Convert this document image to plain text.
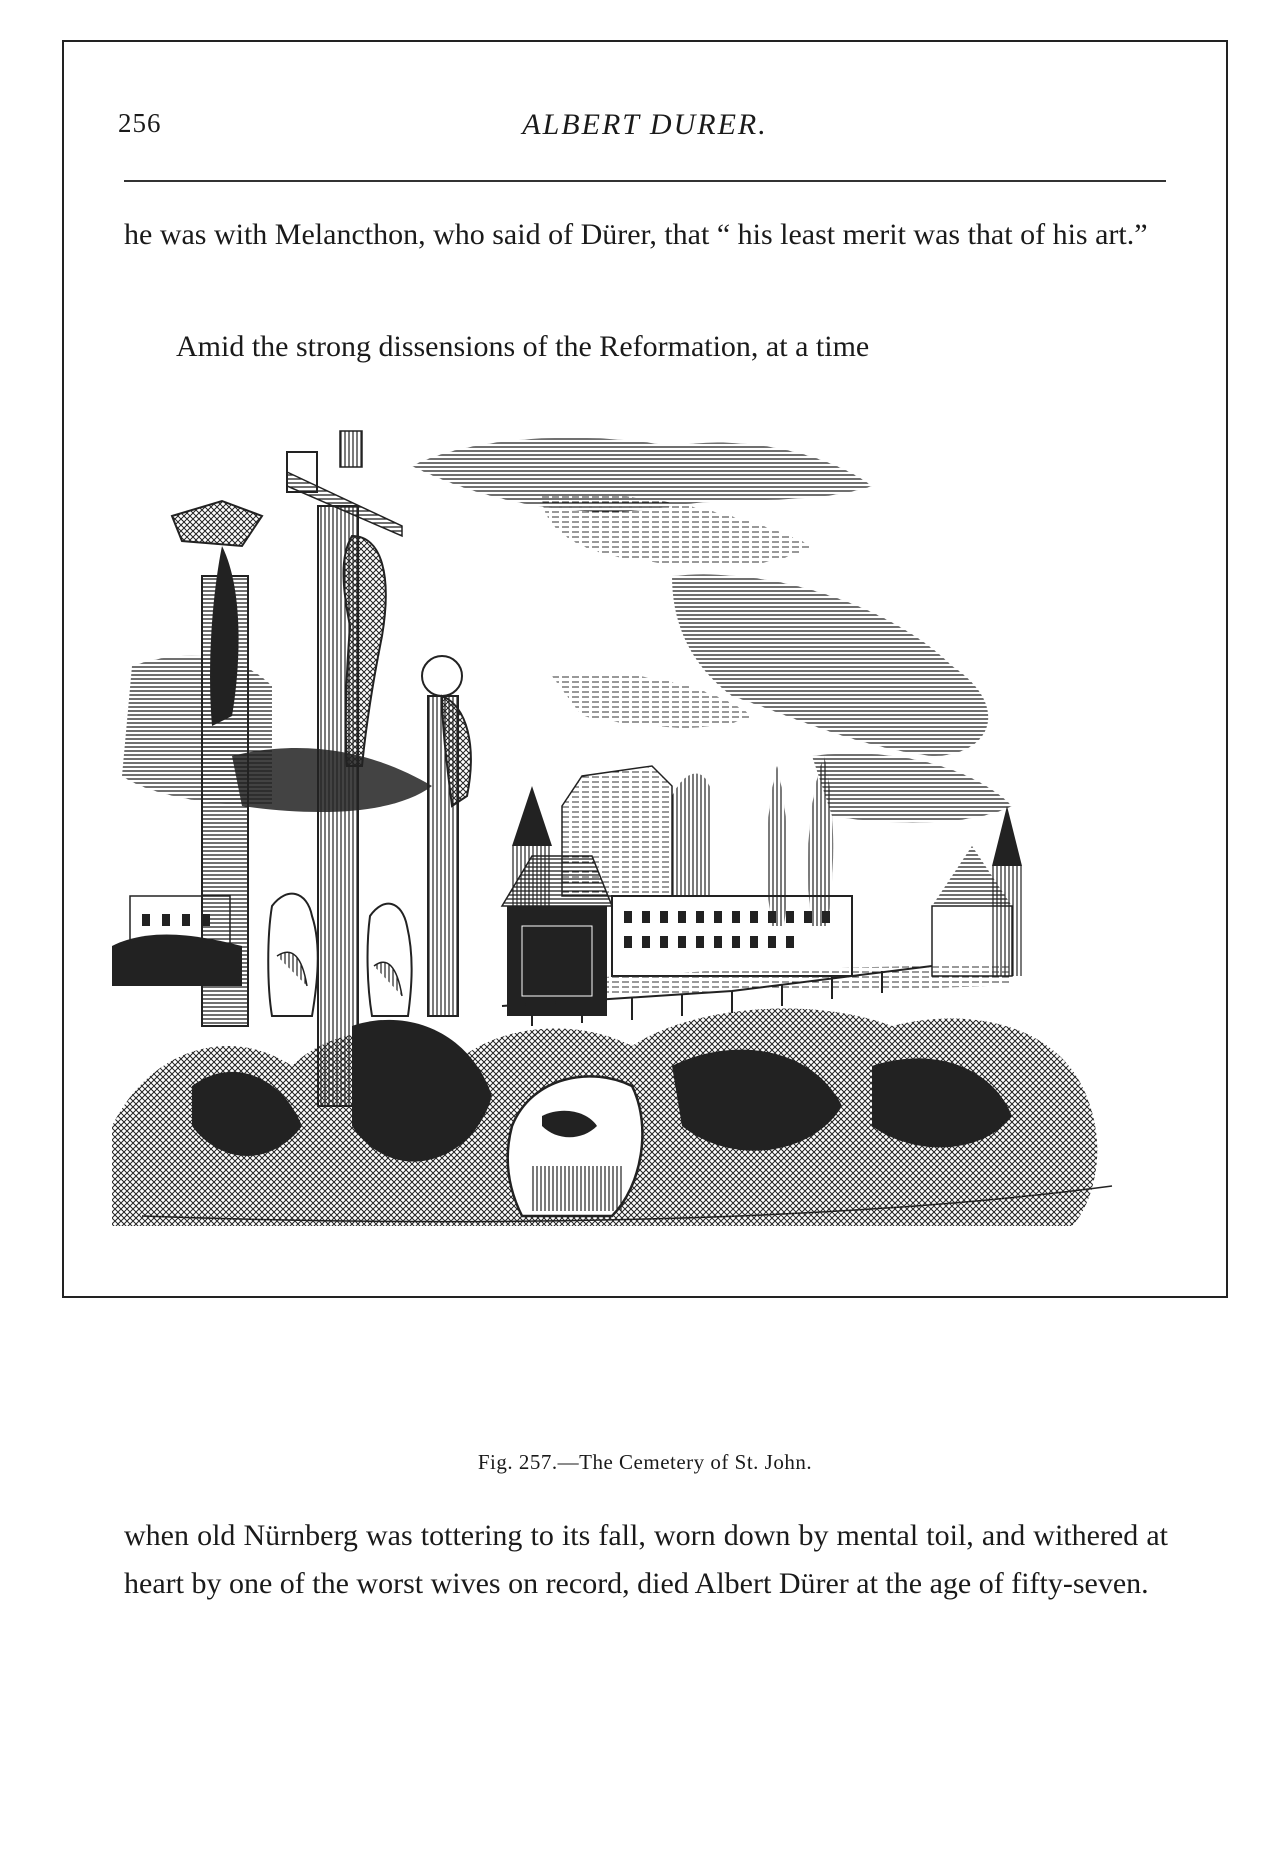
256	ALBERT DURER.

he was with Melancthon, who said of Dürer, that “ his least merit was that of his art.”

Amid the strong dissensions of the Reformation, at a time

Fig. 257.—The Cemetery of St. John.

when old Nürnberg was tottering to its fall, worn down by mental toil, and withered at heart by one of the worst wives on record, died Albert Dürer at the age of fifty-seven.
